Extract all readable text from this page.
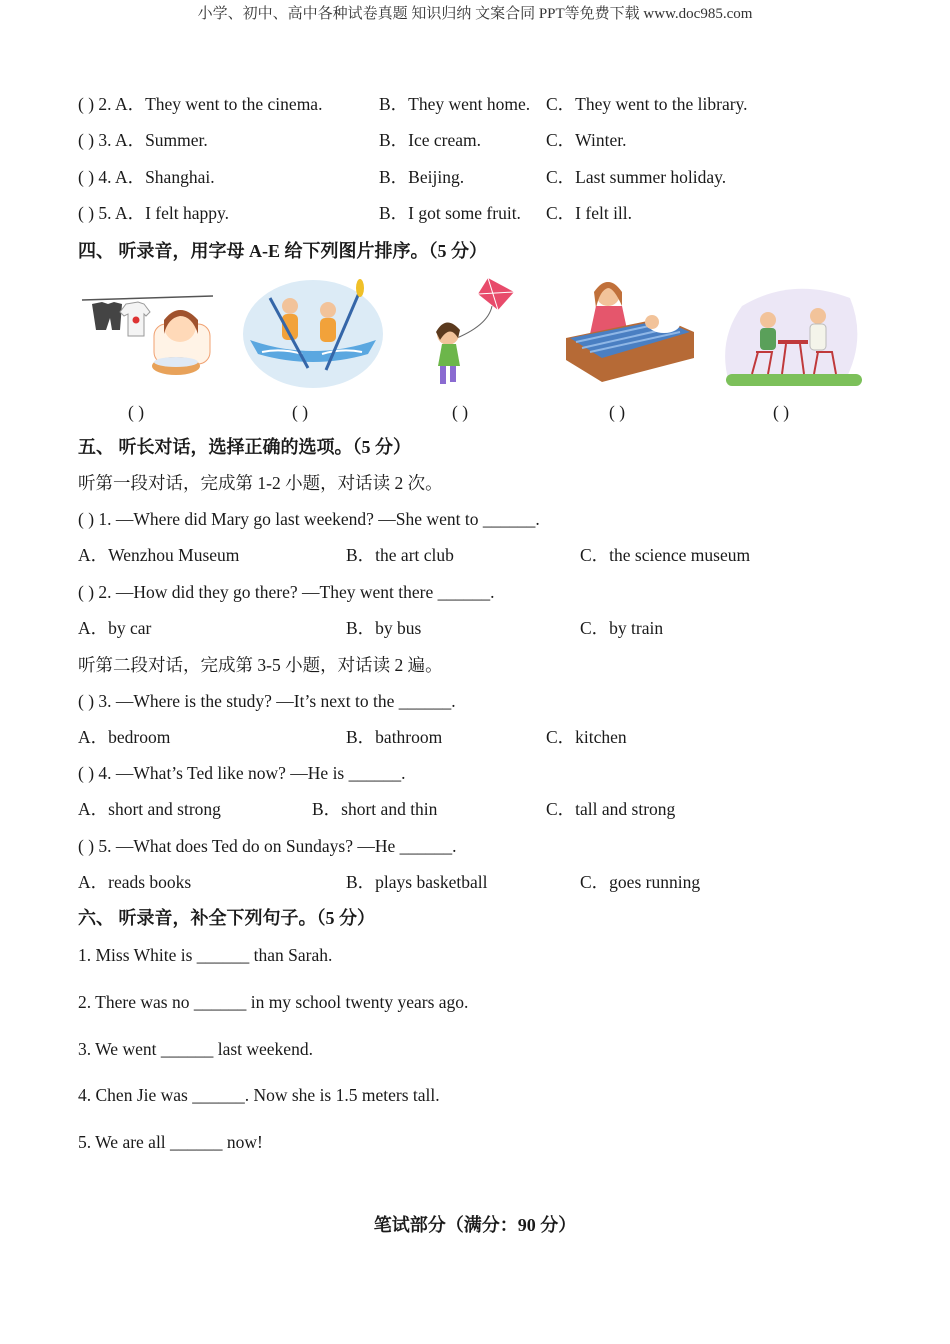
小学、初中、高中各种试卷真题 知识归纳 文案合同 PPT等免费下载 www.doc985.com
( ) 2. A．They went to the cinema.	B．They went home. C．They went to the library.
( ) 3. A．Summer.	B．Ice cream.	C．Winter.
( ) 4. A．Shanghai.	B．Beijing.	C．Last summer holiday.
( ) 5. A．I felt happy.	B．I got some fruit. C．I felt ill.
四、 听录音，用字母 A-E 给下列图片排序。（5 分）
( )	( )	( )	( )	( )
五、 听长对话，选择正确的选项。（5 分）
听第一段对话，完成第 1-2 小题，对话读 2 次。
( ) 1. —Where did Mary go last weekend? —She went to ______.
A．Wenzhou Museum	B．the art club	C．the science museum
( ) 2. —How did they go there? —They went there ______.
A．by car	B．by bus	C．by train
听第二段对话，完成第 3-5 小题，对话读 2 遍。
( ) 3. —Where is the study? —It’s next to the ______.
A．bedroom	B．bathroom	C．kitchen
( ) 4. —What’s Ted like now? —He is ______.
A．short and strong	B．short and thin	C．tall and strong
( ) 5. —What does Ted do on Sundays? —He ______.
A．reads books	B．plays basketball	C．goes running
六、 听录音，补全下列句子。（5 分）
1. Miss White is ______ than Sarah.
2. There was no ______ in my school twenty years ago.
3. We went ______ last weekend.
4. Chen Jie was ______. Now she is 1.5 meters tall.
5. We are all ______ now!
笔试部分（满分：90 分）
